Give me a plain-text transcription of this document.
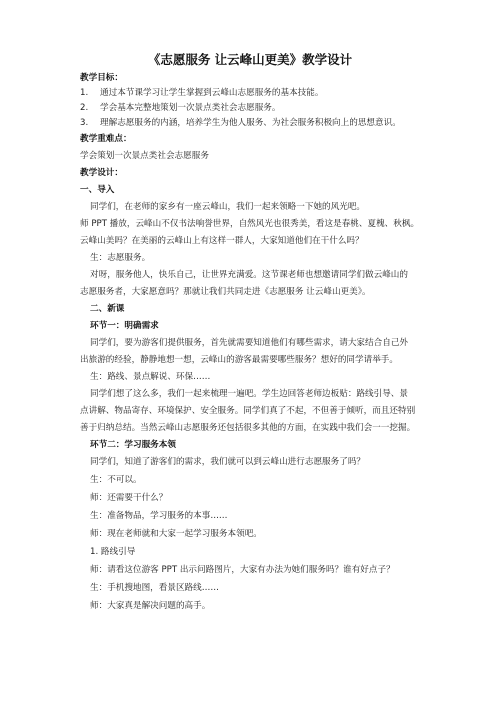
《志愿服务 让云峰山更美》教学设计
教学目标：
1. 通过本节课学习让学生掌握到云峰山志愿服务的基本技能。
2. 学会基本完整地策划一次景点类社会志愿服务。
3. 理解志愿服务的内涵，培养学生为他人服务、为社会服务积极向上的思想意识。
教学重难点：
学会策划一次景点类社会志愿服务
教学设计：
一、导入
同学们，在老师的家乡有一座云峰山，我们一起来领略一下她的风光吧。
师 PPT 播放，云峰山不仅书法响誉世界，自然风光也很秀美，看这是春桃、夏槐、秋枫。
云峰山美吗？在美丽的云峰山上有这样一群人，大家知道他们在干什么吗？
生：志愿服务。
对呀，服务他人，快乐自己，让世界充满爱。这节课老师也想邀请同学们做云峰山的
志愿服务者，大家愿意吗？那就让我们共同走进《志愿服务 让云峰山更美》。
二、新课
环节一：明确需求
同学们，要为游客们提供服务，首先就需要知道他们有哪些需求，请大家结合自己外
出旅游的经验，静静地想一想，云峰山的游客最需要哪些服务？想好的同学请举手。
生：路线、景点解说、环保……
同学们想了这么多，我们一起来梳理一遍吧。学生边回答老师边板贴：路线引导、景
点讲解、物品寄存、环境保护、安全服务。同学们真了不起，不但善于倾听，而且还特别
善于归纳总结。当然云峰山志愿服务还包括很多其他的方面，在实践中我们会一一挖掘。
环节二：学习服务本领
同学们，知道了游客们的需求，我们就可以到云峰山进行志愿服务了吗？
生：不可以。
师：还需要干什么？
生：准备物品，学习服务的本事……
师：现在老师就和大家一起学习服务本领吧。
1. 路线引导
师：请看这位游客 PPT 出示问路图片，大家有办法为她们服务吗？谁有好点子？
生：手机搜地图，看景区路线……
师：大家真是解决问题的高手。
